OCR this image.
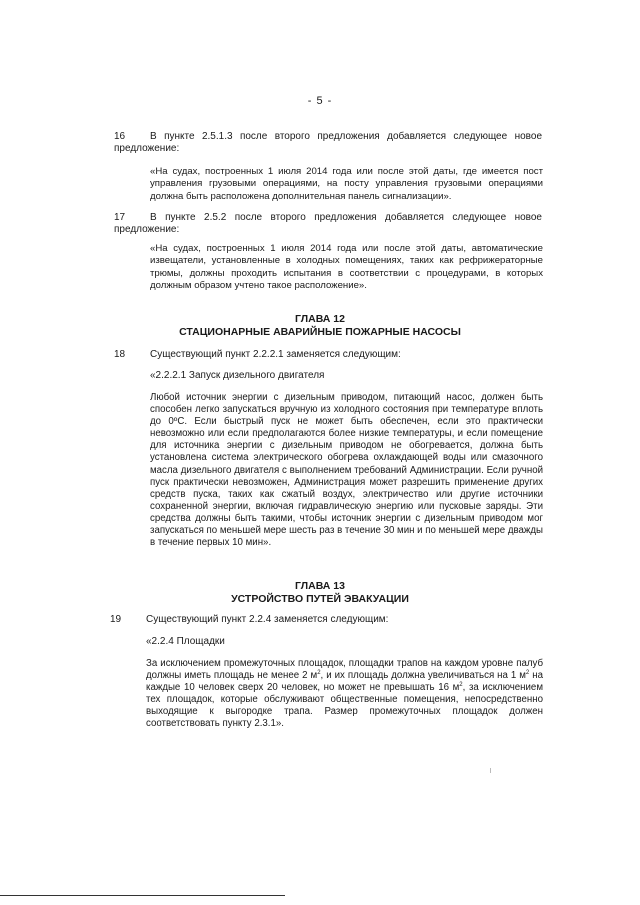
- 5 -
16	В пункте 2.5.1.3 после второго предложения добавляется следующее новое предложение:

«На судах, построенных 1 июля 2014 года или после этой даты, где имеется пост управления грузовыми операциями, на посту управления грузовыми операциями должна быть расположена дополнительная панель сигнализации».

17	В пункте 2.5.2 после второго предложения добавляется следующее новое предложение:

«На судах, построенных 1 июля 2014 года или после этой даты, автоматические извещатели, установленные в холодных помещениях, таких как рефрижераторные трюмы, должны проходить испытания в соответствии с процедурами, в которых должным образом учтено такое расположение».

ГЛАВА 12
СТАЦИОНАРНЫЕ АВАРИЙНЫЕ ПОЖАРНЫЕ НАСОСЫ
18 Существующий пункт 2.2.2.1 заменяется следующим:
«2.2.2.1 Запуск дизельного двигателя

Любой источник энергии с дизельным приводом, питающий насос, должен быть способен легко запускаться вручную из холодного состояния при температуре вплоть до 0ºC. Если быстрый пуск не может быть обеспечен, если это практически невозможно или если предполагаются более низкие температуры, и если помещение для источника энергии с дизельным приводом не обогревается, должна быть установлена система электрического обогрева охлаждающей воды или смазочного масла дизельного двигателя с выполнением требований Администрации. Если ручной пуск практически невозможен, Администрация может разрешить применение других средств пуска, таких как сжатый воздух, электричество или другие источники сохраненной энергии, включая гидравлическую энергию или пусковые заряды. Эти средства должны быть такими, чтобы источник энергии с дизельным приводом мог запускаться по меньшей мере шесть раз в течение 30 мин и по меньшей мере дважды в течение первых 10 мин».

ГЛАВА 13
УСТРОЙСТВО ПУТЕЙ ЭВАКУАЦИИ
19 Существующий пункт 2.2.4 заменяется следующим:
«2.2.4 Площадки

За исключением промежуточных площадок, площадки трапов на каждом уровне палуб должны иметь площадь не менее 2 $м^2$, и их площадь должна увеличиваться на 1 $м^2$ на каждые 10 человек сверх 20 человек, но может не превышать 16 $м^2$, за исключением тех площадок, которые обслуживают общественные помещения, непосредственно выходящие к выгородке трапа. Размер промежуточных площадок должен соответствовать пункту 2.3.1».
